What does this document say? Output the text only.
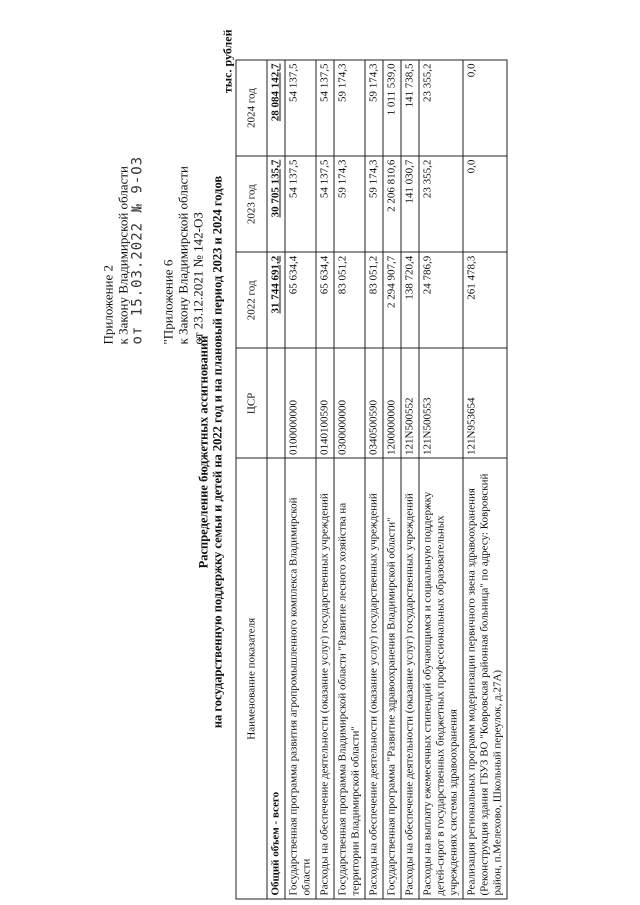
Приложение 2 к Закону Владимирской области от 15.03.2022 № 9-ОЗ "Приложение 6 к Закону Владимирской области от 23.12.2021 № 142-ОЗ
Распределение бюджетных ассигнований на государственную поддержку семьи и детей на 2022 год и на плановый период 2023 и 2024 годов
тыс. рублей
Наименование показателя	ЦСР	2022 год	2023 год	2024 год
Общий объем - всего		31 744 691,2	30 705 135,7	28 084 142,7
Государственная программа развития агропромышленного комплекса Владимирской области	0100000000	65 634,4	54 137,5	54 137,5
Расходы на обеспечение деятельности (оказание услуг) государственных учреждений	0140100590	65 634,4	54 137,5	54 137,5
Государственная программа Владимирской области "Развитие лесного хозяйства на территории Владимирской области"	0300000000	83 051,2	59 174,3	59 174,3
Расходы на обеспечение деятельности (оказание услуг) государственных учреждений	0340500590	83 051,2	59 174,3	59 174,3
Государственная программа "Развитие здравоохранения Владимирской области"	1200000000	2 294 907,7	2 206 810,6	1 011 539,0
Расходы на обеспечение деятельности (оказание услуг) государственных учреждений	121N500552	138 720,4	141 030,7	141 738,5
Расходы на выплату ежемесячных стипендий обучающимся и социальную поддержку детей-сирот в государственных бюджетных профессиональных образовательных учреждениях системы здравоохранения	121N500553	24 786,9	23 355,2	23 355,2
Реализация региональных программ модернизации первичного звена здравоохранения (Реконструкция здания ГБУЗ ВО "Ковровская районная больница" по адресу: Ковровский район, п.Мелехово, Школьный переулок, д.27А)	121N953654	261 478,3	0,0	0,0
